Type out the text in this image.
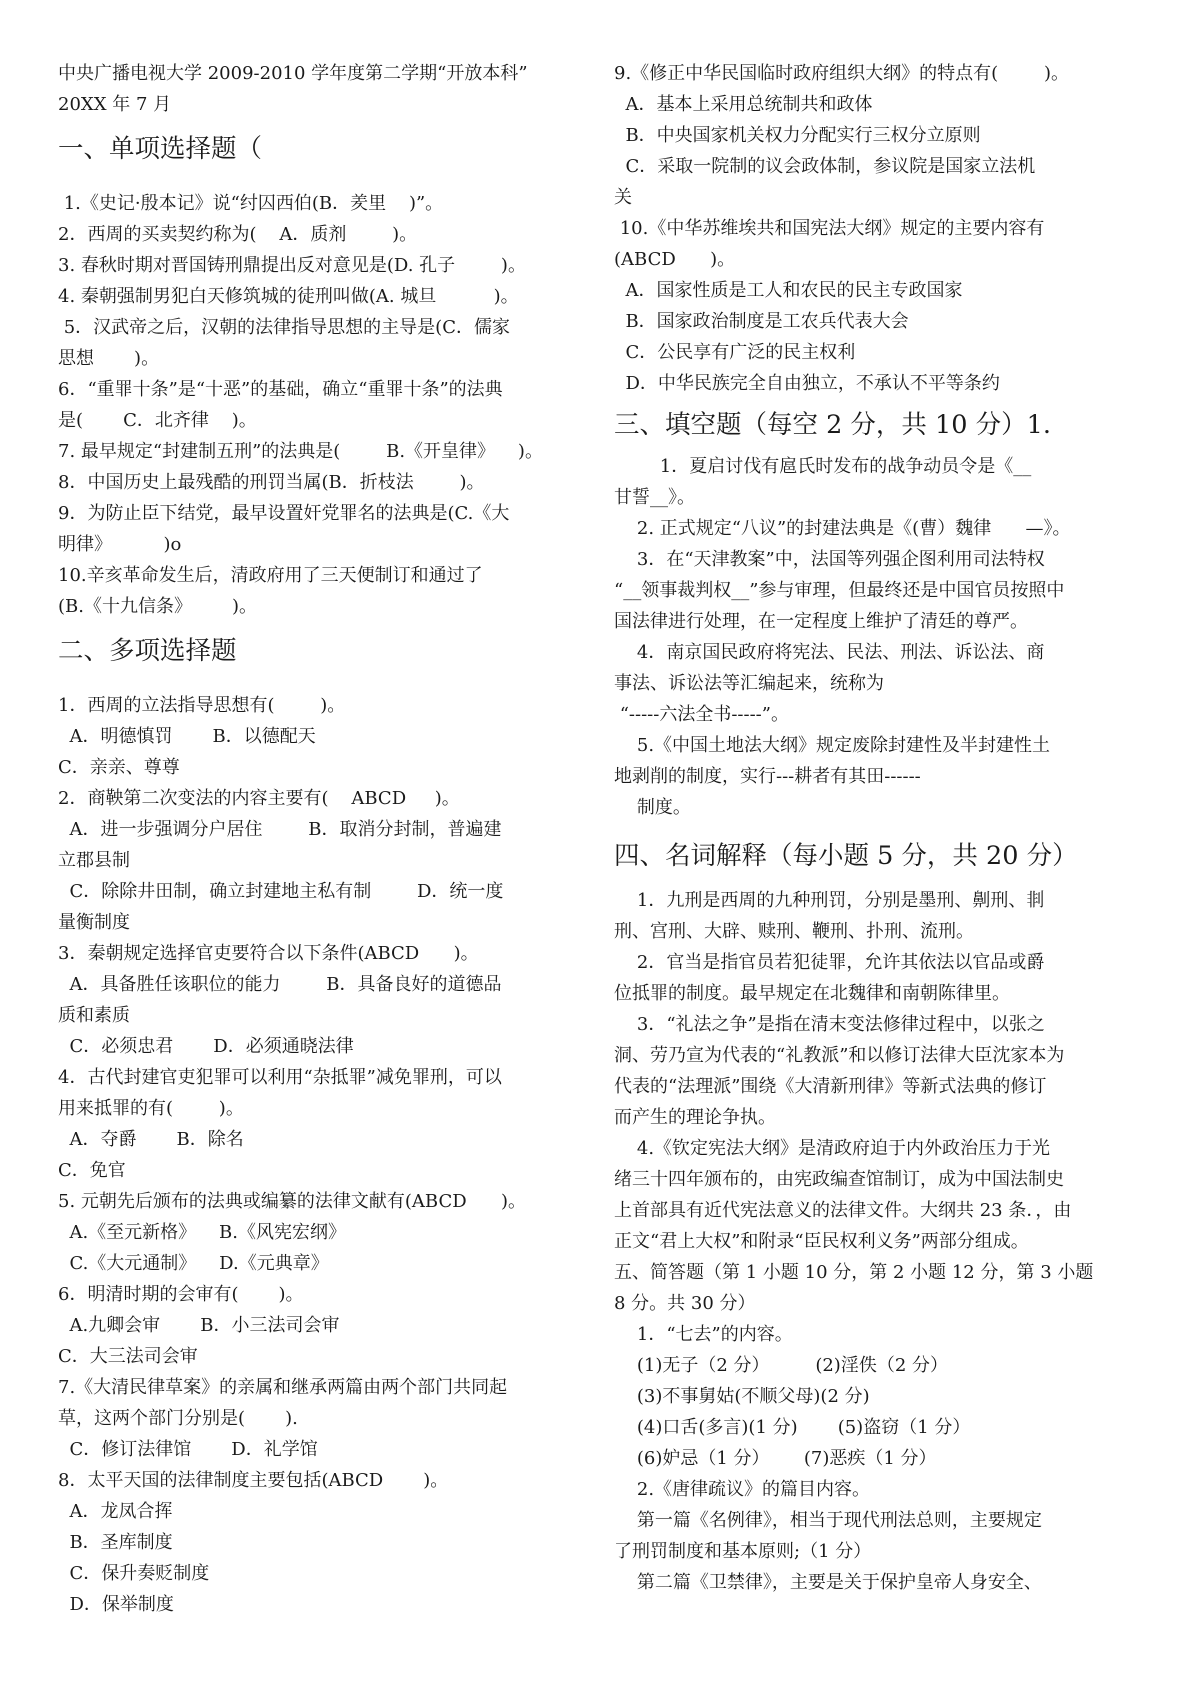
中央广播电视大学 2009-2010 学年度第二学期“开放本科”
20XX 年 7 月
一、单项选择题（
1.《史记·殷本记》说“纣囚西伯(B．羑里    )”。
2．西周的买卖契约称为(    A．质剂        )。
3. 春秋时期对晋国铸刑鼎提出反对意见是(D. 孔子        )。
4. 秦朝强制男犯白天修筑城的徒刑叫做(A. 城旦          )。
5．汉武帝之后，汉朝的法律指导思想的主导是(C．儒家
思想       )。
6．“重罪十条”是“十恶”的基础，确立“重罪十条”的法典
是(       C．北齐律    )。
7. 最早规定“封建制五刑”的法典是(        B.《开皇律》    )。
8．中国历史上最残酷的刑罚当属(B．折枝法        )。
9．为防止臣下结党，最早设置奸党罪名的法典是(C.《大
明律》         )o
10.辛亥革命发生后，清政府用了三天便制订和通过了
(B.《十九信条》       )。
二、多项选择题
1．西周的立法指导思想有(        )。
A．明德慎罚       B．以德配天
C．亲亲、尊尊
2．商鞅第二次变法的内容主要有(    ABCD     )。
A．进一步强调分户居住        B．取消分封制，普遍建
立郡县制
C．除除井田制，确立封建地主私有制        D．统一度
量衡制度
3．秦朝规定选择官吏要符合以下条件(ABCD      )。
A．具备胜任该职位的能力        B．具备良好的道德品
质和素质
C．必须忠君       D．必须通晓法律
4．古代封建官吏犯罪可以利用“杂抵罪”减免罪刑，可以
用来抵罪的有(        )。
A．夺爵       B．除名
C．免官
5. 元朝先后颁布的法典或编纂的法律文献有(ABCD      )。
A.《至元新格》    B.《风宪宏纲》
C.《大元通制》    D.《元典章》
6．明清时期的会审有(       )。
A.九卿会审       B．小三法司会审
C．大三法司会审
7.《大清民律草案》的亲属和继承两篇由两个部门共同起
草，这两个部门分别是(       ).
C．修订法律馆       D．礼学馆
8．太平天国的法律制度主要包括(ABCD       )。
A．龙凤合挥
B．圣库制度
C．保升奏贬制度
D．保举制度
9.《修正中华民国临时政府组织大纲》的特点有(        )。
A．基本上采用总统制共和政体
B．中央国家机关权力分配实行三权分立原则
C．采取一院制的议会政体制，参议院是国家立法机
关
10.《中华苏维埃共和国宪法大纲》规定的主要内容有
(ABCD      )。
A．国家性质是工人和农民的民主专政国家
B．国家政治制度是工农兵代表大会
C．公民享有广泛的民主权利
D．中华民族完全自由独立，不承认不平等条约
三、填空题（每空 2 分，共 10 分）1.
1．夏启讨伐有扈氏时发布的战争动员令是《__
甘誓__》。
2. 正式规定“八议”的封建法典是《(曹）魏律      —》。
3．在“天津教案”中，法国等列强企图利用司法特权
“__领事裁判权__”参与审理，但最终还是中国官员按照中
国法律进行处理，在一定程度上维护了清廷的尊严。
4．南京国民政府将宪法、民法、刑法、诉讼法、商
事法、诉讼法等汇编起来，统称为
“-----六法全书-----”。
5.《中国土地法大纲》规定废除封建性及半封建性土
地剥削的制度，实行---耕者有其田------
制度。
四、名词解释（每小题 5 分，共 20 分）
1．九刑是西周的九种刑罚，分别是墨刑、劓刑、剕
刑、宫刑、大辟、赎刑、鞭刑、扑刑、流刑。
2．官当是指官员若犯徒罪，允许其依法以官品或爵
位抵罪的制度。最早规定在北魏律和南朝陈律里。
3．“礼法之争”是指在清末变法修律过程中，以张之
洞、劳乃宣为代表的“礼教派”和以修订法律大臣沈家本为
代表的“法理派”围绕《大清新刑律》等新式法典的修订
而产生的理论争执。
4.《钦定宪法大纲》是清政府迫于内外政治压力于光
绪三十四年颁布的，由宪政编查馆制订，成为中国法制史
上首部具有近代宪法意义的法律文件。大纲共 23 条．，由
正文“君上大权”和附录“臣民权利义务”两部分组成。
五、简答题（第 1 小题 10 分，第 2 小题 12 分，第 3 小题
8 分。共 30 分）
1．“七去”的内容。
(1)无子（2 分）        (2)淫佚（2 分）
(3)不事舅姑(不顺父母)(2 分)
(4)口舌(多言)(1 分)       (5)盗窃（1 分）
(6)妒忌（1 分）      (7)恶疾（1 分）
2.《唐律疏议》的篇目内容。
第一篇《名例律》，相当于现代刑法总则，主要规定
了刑罚制度和基本原则;（1 分）
第二篇《卫禁律》，主要是关于保护皇帝人身安全、
